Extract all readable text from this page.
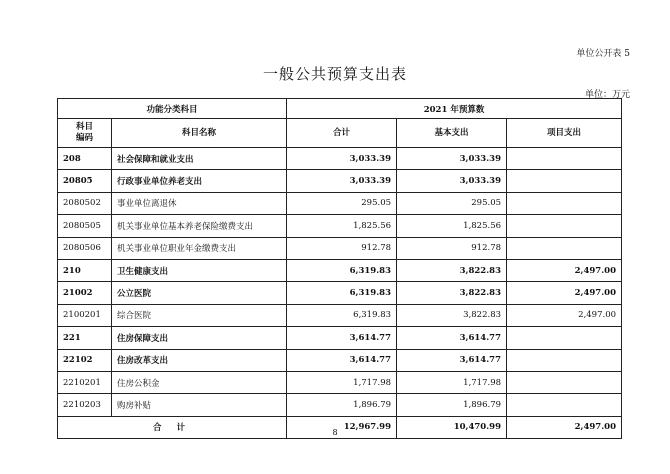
单位公开表 5
一般公共预算支出表
单位：万元
功能分类科目		2021 年预算数		

科目
编码	科目名称	合计	基本支出	项目支出
208	社会保障和就业支出	3,033.39	3,033.39	
20805	行政事业单位养老支出	3,033.39	3,033.39	
2080502	事业单位离退休	295.05	295.05	
2080505	机关事业单位基本养老保险缴费支出	1,825.56	1,825.56	
2080506	机关事业单位职业年金缴费支出	912.78	912.78	
210	卫生健康支出	6,319.83	3,822.83	2,497.00
21002	公立医院	6,319.83	3,822.83	2,497.00
2100201	综合医院	6,319.83	3,822.83	2,497.00
221	住房保障支出	3,614.77	3,614.77	
22102	住房改革支出	3,614.77	3,614.77	
2210201	住房公积金	1,717.98	1,717.98	
2210203	购房补贴	1,896.79	1,896.79	
合 计		12,967.99	10,470.99	2,497.00
8
